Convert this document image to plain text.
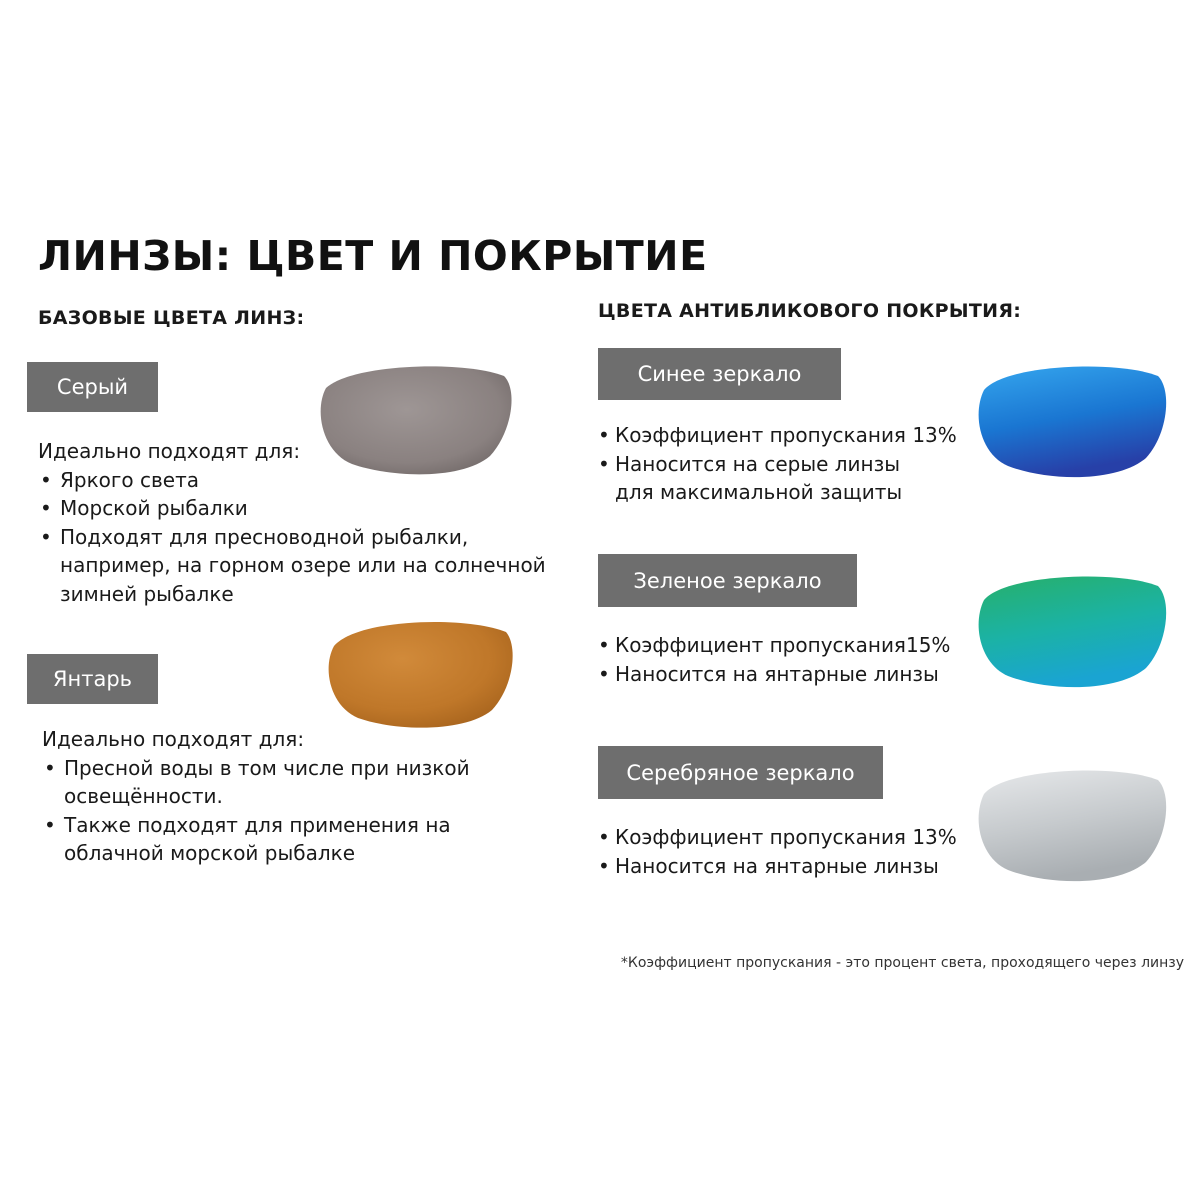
ЛИНЗЫ: ЦВЕТ И ПОКРЫТИЕ
БАЗОВЫЕ ЦВЕТА ЛИНЗ:	ЦВЕТА АНТИБЛИКОВОГО ПОКРЫТИЯ:
Серый
Идеально подходят для:
• Яркого света
• Морской рыбалки
• Подходят для пресноводной рыбалки, например, на горном озере или на солнечной зимней рыбалке
Янтарь
Идеально подходят для:
• Пресной воды в том числе при низкой освещённости.
• Также подходят для применения на облачной морской рыбалке
Синее зеркало
• Коэффициент пропускания 13%
• Наносится на серые линзы для максимальной защиты
Зеленое зеркало
• Коэффициент пропускания15%
• Наносится на янтарные линзы
Серебряное зеркало
• Коэффициент пропускания 13%
• Наносится на янтарные линзы
*Коэффициент пропускания - это процент света, проходящего через линзу
